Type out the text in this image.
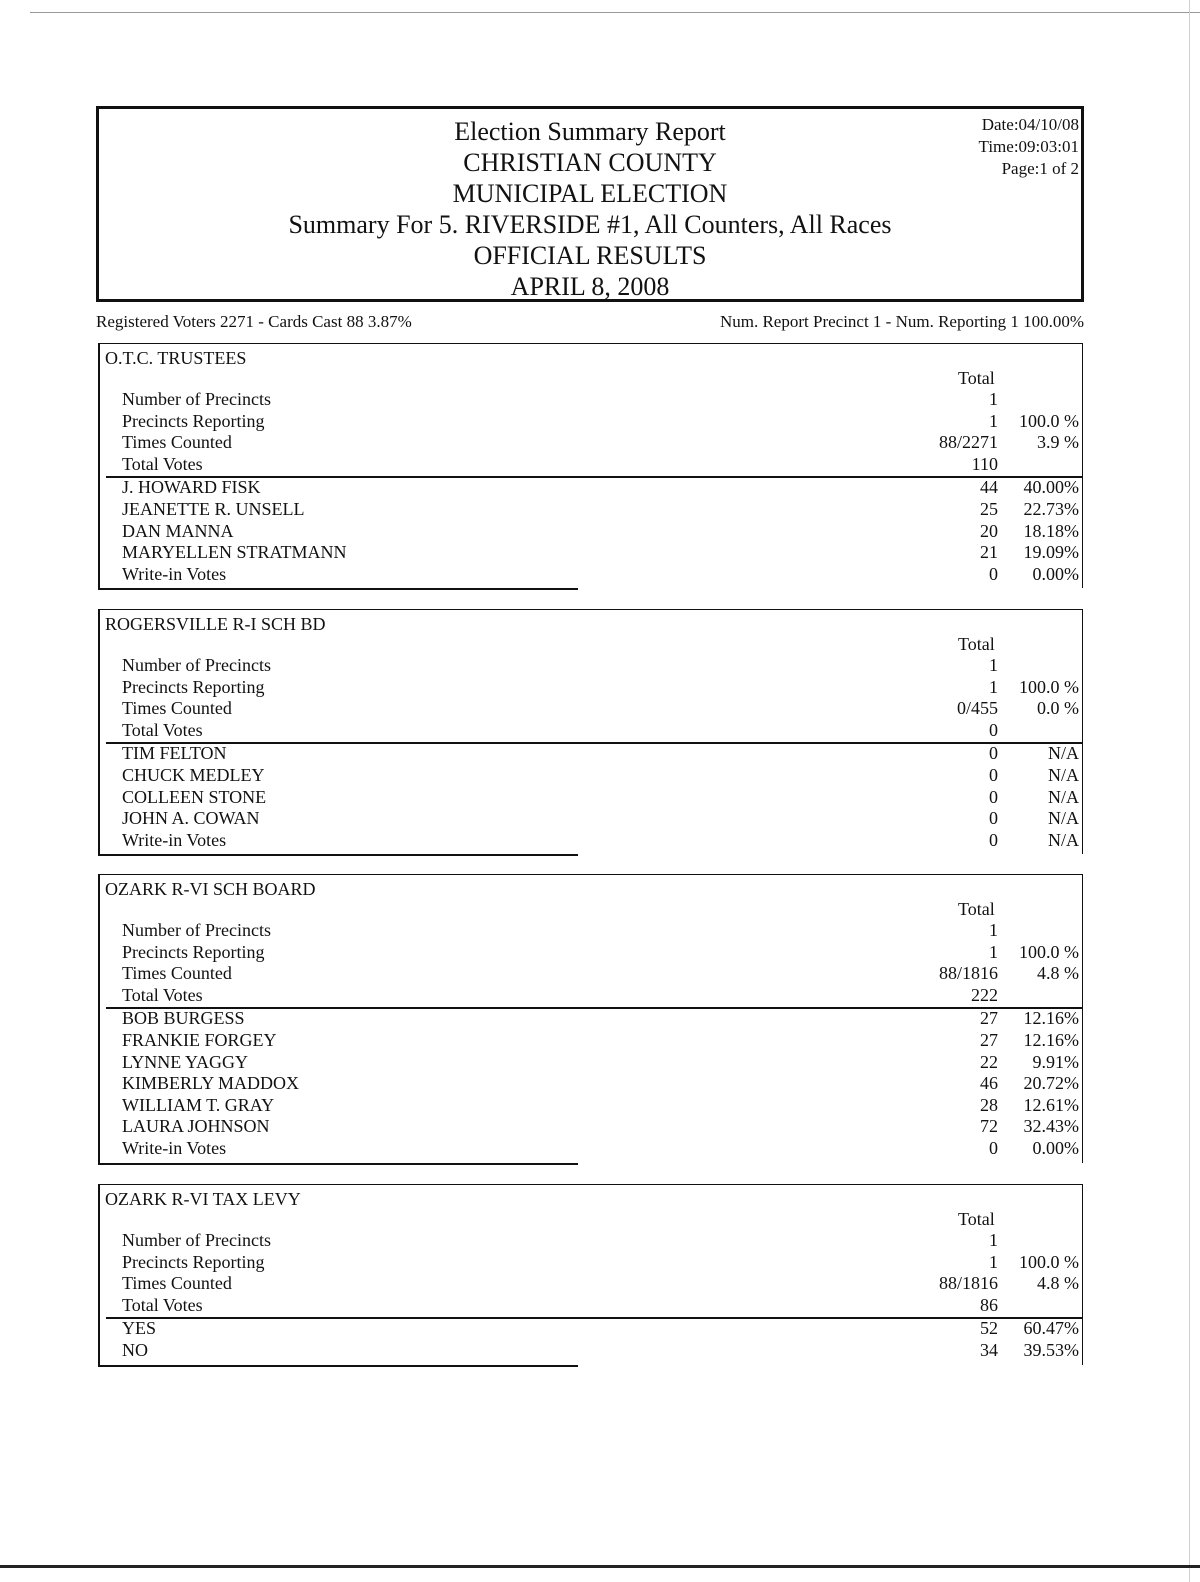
Election Summary Report
CHRISTIAN COUNTY
MUNICIPAL ELECTION
Summary For 5. RIVERSIDE #1, All Counters, All Races
OFFICIAL RESULTS
APRIL 8, 2008
Date:04/10/08
Time:09:03:01
Page:1 of 2
Registered Voters 2271 - Cards Cast 88 3.87%	Num. Report Precinct 1 - Num. Reporting 1 100.00%
O.T.C. TRUSTEES
Total
Number of Precincts	1
Precincts Reporting	1 100.0 %
Times Counted	88/2271 3.9 %
Total Votes	110
J. HOWARD FISK	44 40.00%
JEANETTE R. UNSELL	25 22.73%
DAN MANNA	20 18.18%
MARYELLEN STRATMANN	21 19.09%
Write-in Votes	0 0.00%
ROGERSVILLE R-I SCH BD
Total
Number of Precincts	1
Precincts Reporting	1 100.0 %
Times Counted	0/455 0.0 %
Total Votes	0
TIM FELTON	0	N/A
CHUCK MEDLEY	0	N/A
COLLEEN STONE	0	N/A
JOHN A. COWAN	0	N/A
Write-in Votes	0	N/A
OZARK R-VI SCH BOARD
Total
Number of Precincts	1
Precincts Reporting	1 100.0 %
Times Counted	88/1816 4.8 %
Total Votes	222
BOB BURGESS	27 12.16%
FRANKIE FORGEY	27 12.16%
LYNNE YAGGY	22 9.91%
KIMBERLY MADDOX	46 20.72%
WILLIAM T. GRAY	28 12.61%
LAURA JOHNSON	72 32.43%
Write-in Votes	0 0.00%
OZARK R-VI TAX LEVY
Total
Number of Precincts	1
Precincts Reporting	1 100.0 %
Times Counted	88/1816 4.8 %
Total Votes	86
YES	52 60.47%
NO	34 39.53%
